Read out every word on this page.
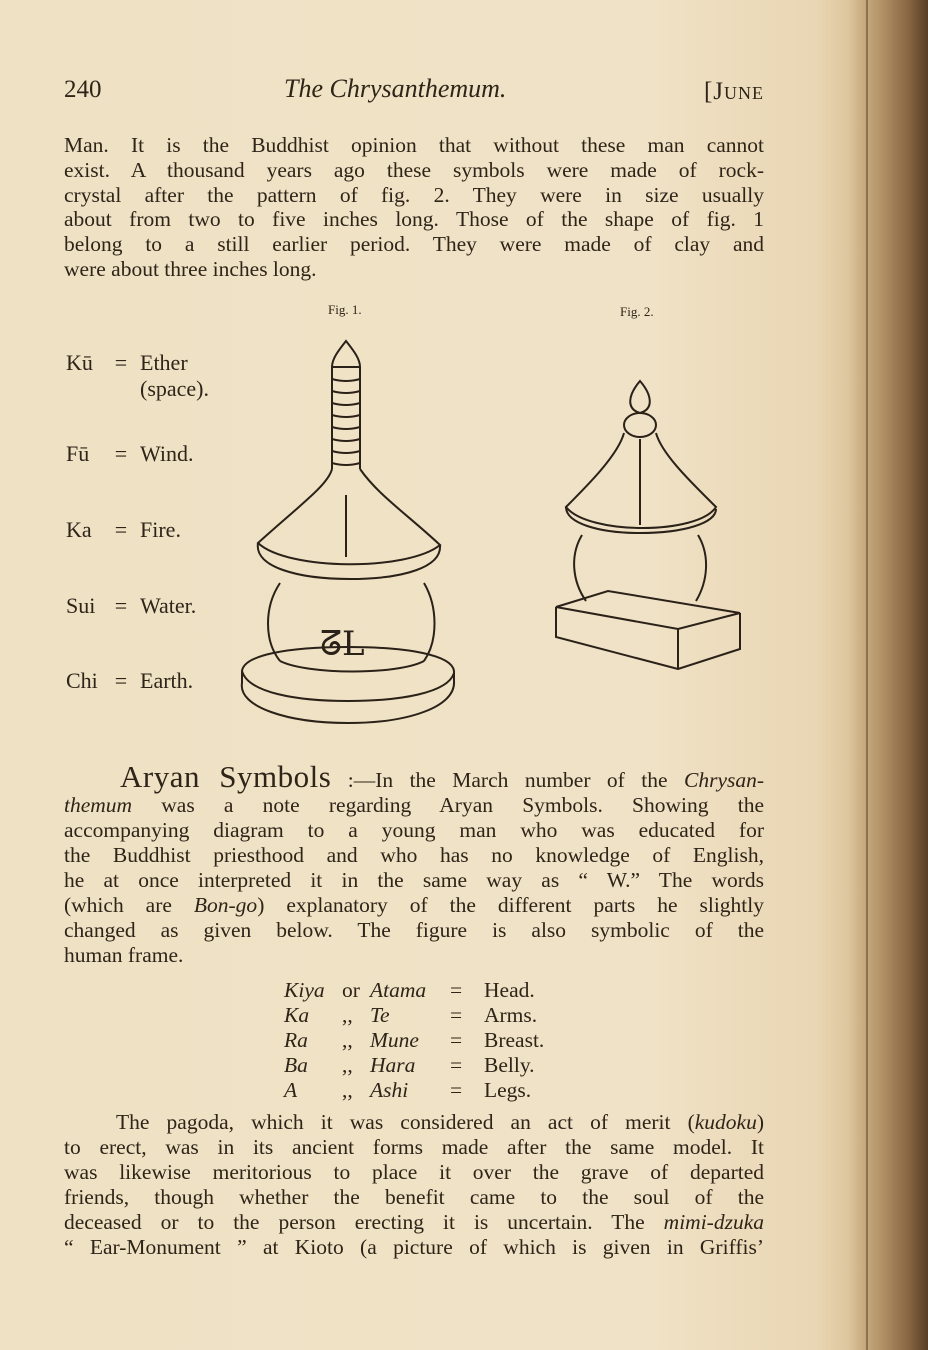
240	The Chrysanthemum.	[June
Man. It is the Buddhist opinion that without these man cannot
exist. A thousand years ago these symbols were made of rock-
crystal after the pattern of fig. 2. They were in size usually
about from two to five inches long. Those of the shape of fig. 1
belong to a still earlier period. They were made of clay and
were about three inches long.
Fig. 1.	Fig. 2.
Kū = Ether
(space).
Fū = Wind.
Ka = Fire.
Sui = Water.
Chi = Earth.
ᘔL
Aryan Symbols :—In the March number of the Chrysan-
themum was a note regarding Aryan Symbols. Showing the
accompanying diagram to a young man who was educated for
the Buddhist priesthood and who has no knowledge of English,
he at once interpreted it in the same way as “ W.” The words
(which are Bon-go) explanatory of the different parts he slightly
changed as given below. The figure is also symbolic of the
human frame.
Kiya or Atama = Head.
Ka ,, Te	= Arms.
Ra ,, Mune = Breast.
Ba ,, Hara = Belly.
A ,, Ashi = Legs.
The pagoda, which it was considered an act of merit (kudoku)
to erect, was in its ancient forms made after the same model. It
was likewise meritorious to place it over the grave of departed
friends, though whether the benefit came to the soul of the
deceased or to the person erecting it is uncertain. The mimi-dzuka
“ Ear-Monument ” at Kioto (a picture of which is given in Griffis’
